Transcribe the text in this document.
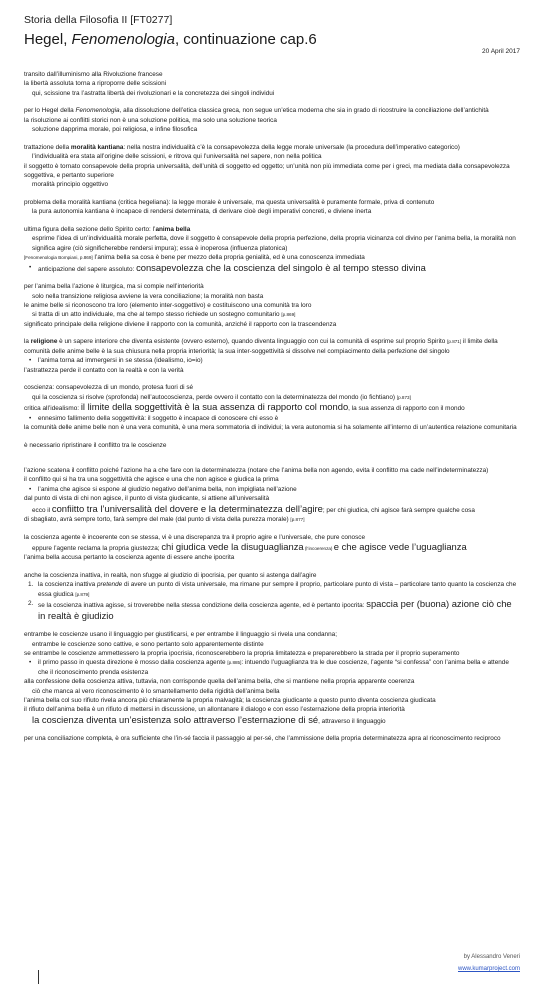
Storia della Filosofia II [FT0277]
Hegel, Fenomenologia, continuazione cap.6
20 April 2017

transito dall’illuminismo alla Rivoluzione francese

la libertà assoluta torna a riproporre delle scissioni

qui, scissione tra l’astratta libertà dei rivoluzionari e la concretezza dei singoli individui

per lo Hegel della Fenomenologia, alla dissoluzione dell’etica classica greca, non segue un’etica moderna che sia in grado di ricostruire la conciliazione dell’antichità

la risoluzione ai conflitti storici non è una soluzione politica, ma solo una soluzione teorica

soluzione dapprima morale, poi religiosa, e infine filosofica

trattazione della moralità kantiana: nella nostra individualità c’è la consapevolezza della legge morale universale (la procedura dell’imperativo categorico)

l’individualità era stata all’origine delle scissioni, e ritrova qui l’universalità nel sapere, non nella politica

il soggetto è tornato consapevole della propria universalità, dell’unità di soggetto ed oggetto; un’unità non più immediata come per i greci, ma mediata dalla consapevolezza soggettiva, e pertanto superiore

moralità principio oggettivo

problema della moralità kantiana (critica hegeliana): la legge morale è universale, ma questa universalità è puramente formale, priva di contenuto

la pura autonomia kantiana è incapace di rendersi determinata, di derivare cioè degli imperativi concreti, e diviene inerta

ultima figura della sezione dello Spirito certo: l’anima bella

esprime l’idea di un’individualità morale perfetta, dove il soggetto è consapevole della propria perfezione, della propria vicinanza col divino per l’anima bella, la moralità non significa agire (ciò significherebbe rendersi impura); essa è inoperosa (influenza platonica)

[Fenomenologia Bompiani, p.869] l’anima bella sa cosa è bene per mezzo della propria genialità, ed è una conoscenza immediata

• anticipazione del sapere assoluto: consapevolezza che la coscienza del singolo è al tempo stesso divina

per l’anima bella l’azione è liturgica, ma si compie nell’interiorità

solo nella transizione religiosa avviene la vera conciliazione; la moralità non basta

le anime belle si riconoscono tra loro (elemento inter-soggettivo) e costituiscono una comunità tra loro

si tratta di un atto individuale, ma che al tempo stesso richiede un sostegno comunitario [p.869]

significato principale della religione diviene il rapporto con la comunità, anziché il rapporto con la trascendenza

la religione è un sapere interiore che diventa esistente (ovvero esterno), quando diventa linguaggio con cui la comunità di esprime sul proprio Spirito [p.871] il limite della comunità delle anime belle è la sua chiusura nella propria interiorità; la sua inter-soggettività si dissolve nel compiacimento della perfezione del singolo

• l’anima torna ad immergersi in se stessa (idealismo, io=io)

l’astrattezza perde il contatto con la realtà e con la verità

coscienza: consapevolezza di un mondo, protesa fuori di sé

qui la coscienza si risolve (sprofonda) nell’autocoscienza, perde ovvero il contatto con la determinatezza del mondo (io fichtiano) [p.873]

critica all’idealismo: il limite della soggettività è la sua assenza di rapporto col mondo, la sua assenza di rapporto con il mondo

• ennesimo fallimento della soggettività: il soggetto è incapace di conoscere chi esso è

la comunità delle anime belle non è una vera comunità, è una mera sommatoria di individui; la vera autonomia si ha solamente all’interno di un’autentica relazione comunitaria

è necessario ripristinare il conflitto tra le coscienze

l’azione scatena il conflitto poiché l’azione ha a che fare con la determinatezza (notare che l’anima bella non agendo, evita il conflitto ma cade nell’indeterminatezza)

il conflitto qui si ha tra una soggettività che agisce e una che non agisce e giudica la prima

• l’anima che agisce si espone al giudizio negativo dell’anima bella, non impigliata nell’azione

dal punto di vista di chi non agisce, il punto di vista giudicante, si attiene all’universalità

ecco il confiitto tra l’universalità del dovere e la determinatezza dell’agire; per chi giudica, chi agisce farà sempre qualche cosa

di sbagliato, avrà sempre torto, farà sempre del male (dal punto di vista della purezza morale) [p.877]

la coscienza agente è incoerente con se stessa, vi è una discrepanza tra il proprio agire e l’universale, che pure conosce

eppure l’agente reclama la propria giustezza; chi giudica vede la disuguaglianza (l’incoerenza) e che agisce vede l’uguaglianza

l’anima bella accusa pertanto la coscienza agente di essere anche ipocrita

anche la coscienza inattiva, in realtà, non sfugge al giudizio di ipocrisia, per quanto si astenga dall’agire

1. la coscienza inattiva pretende di avere un punto di vista universale, ma rimane pur sempre il proprio, particolare punto di vista – particolare tanto quanto la coscienza che essa giudica [p.879]

2. se la coscienza inattiva agisse, si troverebbe nella stessa condizione della coscienza agente, ed è pertanto ipocrita: spaccia per (buona) azione ciò che in realtà è giudizio

entrambe le coscienze usano il linguaggio per giustificarsi, e per entrambe il linguaggio si rivela una condanna;

entrambe le coscienze sono cattive, e sono pertanto solo apparentemente distinte

se entrambe le coscienze ammettessero la propria ipocrisia, riconoscerebbero la propria limitatezza e preparerebbero la strada per il proprio superamento

• il primo passo in questa direzione è mosso dalla coscienza agente [p.885]: intuendo l’uguaglianza tra le due coscienze, l’agente “si confessa” con l’anima bella e attende che il riconoscimento prenda esistenza

alla confessione della coscienza attiva, tuttavia, non corrisponde quella dell’anima bella, che si mantiene nella propria apparente coerenza

ciò che manca al vero riconoscimento è lo smantellamento della rigidità dell’anima bella

l’anima bella col suo rifiuto rivela ancora più chiaramente la propria malvagità; la coscienza giudicante a questo punto diventa coscienza giudicata

il rifiuto dell’anima bella è un rifiuto di mettersi in discussione, un allontanare il dialogo e con esso l’esternazione della propria interiorità

la coscienza diventa un’esistenza solo attraverso l’esternazione di sé, attraverso il linguaggio

per una conciliazione completa, è ora sufficiente che l’in-sé faccia il passaggio al per-sé, che l’ammissione della propria determinatezza apra al riconoscimento reciproco

by Alessandro Veneri
www.kumarproject.com
